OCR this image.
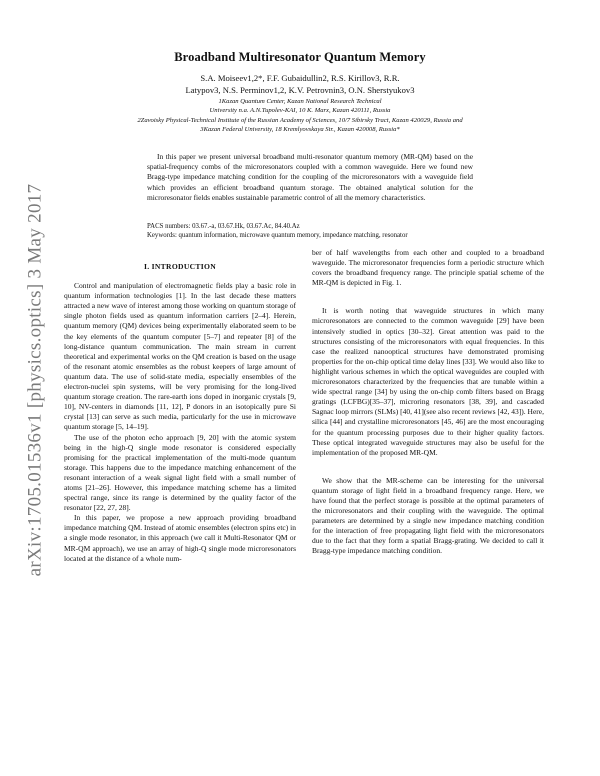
arXiv:1705.01536v1 [physics.optics] 3 May 2017
Broadband Multiresonator Quantum Memory
S.A. Moiseev1,2*, F.F. Gubaidullin2, R.S. Kirillov3, R.R.
Latypov3, N.S. Perminov1,2, K.V. Petrovnin3, O.N. Sherstyukov3
1Kazan Quantum Center, Kazan National Research Technical
University n.a. A.N.Tupolev-KAI, 10 K. Marx, Kazan 420111, Russia
2Zavoisky Physical-Technical Institute of the Russian Academy of Sciences, 10/7 Sibirsky Tract, Kazan 420029, Russia and
3Kazan Federal University, 18 Kremlyovskaya Str., Kazan 420008, Russia*
In this paper we present universal broadband multi-resonator quantum memory (MR-QM) based on the spatial-frequency combs of the microresonators coupled with a common waveguide. Here we found new Bragg-type impedance matching condition for the coupling of the microresonators with a waveguide field which provides an efficient broadband quantum storage. The obtained analytical solution for the microresonator fields enables sustainable parametric control of all the memory characteristics.
PACS numbers: 03.67.-a, 03.67.Hk, 03.67.Ac, 84.40.Az
Keywords: quantum information, microwave quantum memory, impedance matching, resonator
I. INTRODUCTION

Control and manipulation of electromagnetic fields play a basic role in quantum information technologies [1]. In the last decade these matters attracted a new wave of interest among those working on quantum storage of single photon fields used as quantum information carriers [2–4]. Herein, quantum memory (QM) devices being experimentally elaborated seem to be the key elements of the quantum computer [5–7] and repeater [8] of the long-distance quantum communication. The main stream in current theoretical and experimental works on the QM creation is based on the usage of the resonant atomic ensembles as the robust keepers of large amount of quantum data. The use of solid-state media, especially ensembles of the electron-nuclei spin systems, will be very promising for the long-lived quantum storage creation. The rare-earth ions doped in inorganic crystals [9, 10], NV-centers in diamonds [11, 12], P donors in an isotopically pure Si crystal [13] can serve as such media, particularly for the use in microwave quantum storage [5, 14–19].

The use of the photon echo approach [9, 20] with the atomic system being in the high-Q single mode resonator is considered especially promising for the practical implementation of the multi-mode quantum storage. This happens due to the impedance matching enhancement of the resonant interaction of a weak signal light field with a small number of atoms [21–26]. However, this impedance matching scheme has a limited spectral range, since its range is determined by the quality factor of the resonator [22, 27, 28].

In this paper, we propose a new approach providing broadband impedance matching QM. Instead of atomic ensembles (electron spins etc) in a single mode resonator, in this approach (we call it Multi-Resonator QM or MR-QM approach), we use an array of high-Q single mode microresonators located at the distance of a whole num-

ber of half wavelengths from each other and coupled to a broadband waveguide. The microresonator frequencies form a periodic structure which covers the broadband frequency range. The principle spatial scheme of the MR-QM is depicted in Fig. 1.

It is worth noting that waveguide structures in which many microresonators are connected to the common waveguide [29] have been intensively studied in optics [30–32]. Great attention was paid to the structures consisting of the microresonators with equal frequencies. In this case the realized nanooptical structures have demonstrated promising properties for the on-chip optical time delay lines [33]. We would also like to highlight various schemes in which the optical waveguides are coupled with microresonators characterized by the frequencies that are tunable within a wide spectral range [34] by using the on-chip comb filters based on Bragg gratings (LCFBG)[35–37], microring resonators [38, 39], and cascaded Sagnac loop mirrors (SLMs) [40, 41](see also recent reviews [42, 43]). Here, silica [44] and crystalline microresonators [45, 46] are the most encouraging for the quantum processing purposes due to their higher quality factors. These optical integrated waveguide structures may also be useful for the implementation of the proposed MR-QM.

We show that the MR-scheme can be interesting for the universal quantum storage of light field in a broadband frequency range. Here, we have found that the perfect storage is possible at the optimal parameters of the microresonators and their coupling with the waveguide. The optimal parameters are determined by a single new impedance matching condition for the interaction of free propagating light field with the microresonators due to the fact that they form a spatial Bragg-grating. We decided to call it Bragg-type impedance matching condition.
